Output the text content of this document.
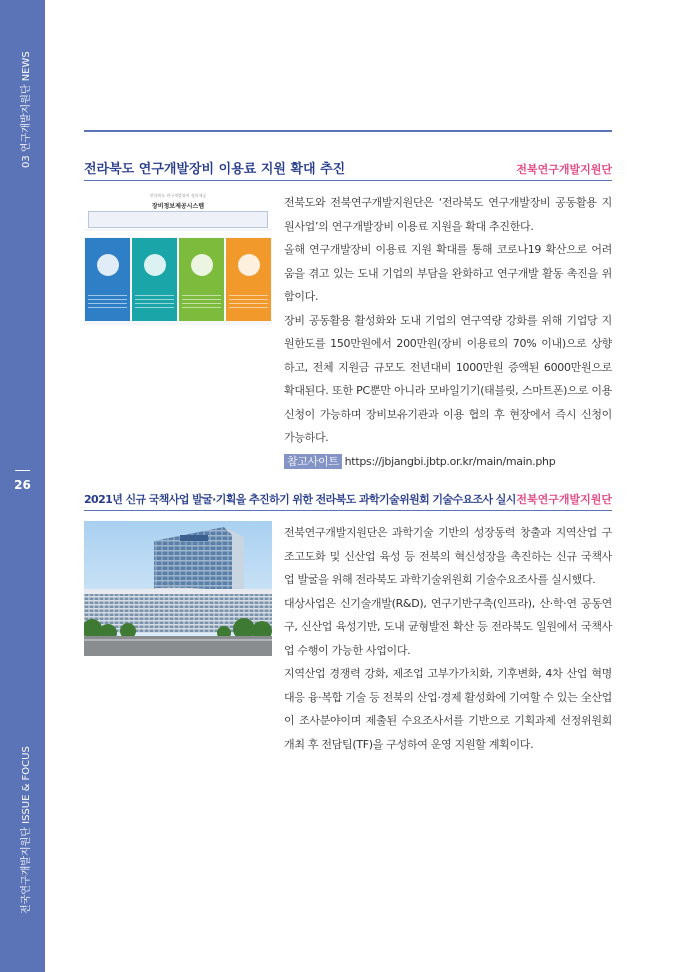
03 연구개발지원단 NEWS
26
전국연구개발지원단 ISSUE & FOCUS
전라북도 연구개발장비 이용료 지원 확대 추진	전북연구개발지원단
전라북도 연구개발장비 정보제공
장비정보제공시스템	전북도와 전북연구개발지원단은 ‘전라북도 연구개발장비 공동활용 지원사업’의 연구개발장비 이용료 지원을 확대 추진한다.

올해 연구개발장비 이용료 지원 확대를 통해 코로나19 확산으로 어려움을 겪고 있는 도내 기업의 부담을 완화하고 연구개발 활동 촉진을 위함이다.

장비 공동활용 활성화와 도내 기업의 연구역량 강화를 위해 기업당 지원한도를 150만원에서 200만원(장비 이용료의 70% 이내)으로 상향하고, 전체 지원금 규모도 전년대비 1000만원 증액된 6000만원으로 확대된다. 또한 PC뿐만 아니라 모바일기기(태블릿, 스마트폰)으로 이용신청이 가능하며 장비보유기관과 이용 협의 후 현장에서 즉시 신청이 가능하다.

참고사이트 https://jbjangbi.jbtp.or.kr/main/main.php

2021년 신규 국책사업 발굴·기획을 추진하기 위한 전라북도 과학기술위원회 기술수요조사 실시 전북연구개발지원단

전북연구개발지원단은 과학기술 기반의 성장동력 창출과 지역산업 구조고도화 및 신산업 육성 등 전북의 혁신성장을 촉진하는 신규 국책사업 발굴을 위해 전라북도 과학기술위원회 기술수요조사를 실시했다.

대상사업은 신기술개발(R&D), 연구기반구축(인프라), 산·학·연 공동연구, 신산업 육성기반, 도내 균형발전 확산 등 전라북도 일원에서 국책사업 수행이 가능한 사업이다.

지역산업 경쟁력 강화, 제조업 고부가가치화, 기후변화, 4차 산업 혁명 대응 융·복합 기술 등 전북의 산업·경제 활성화에 기여할 수 있는 全산업이 조사분야이며 제출된 수요조사서를 기반으로 기획과제 선정위원회 개최 후 전담팀(TF)을 구성하여 운영 지원할 계획이다.
